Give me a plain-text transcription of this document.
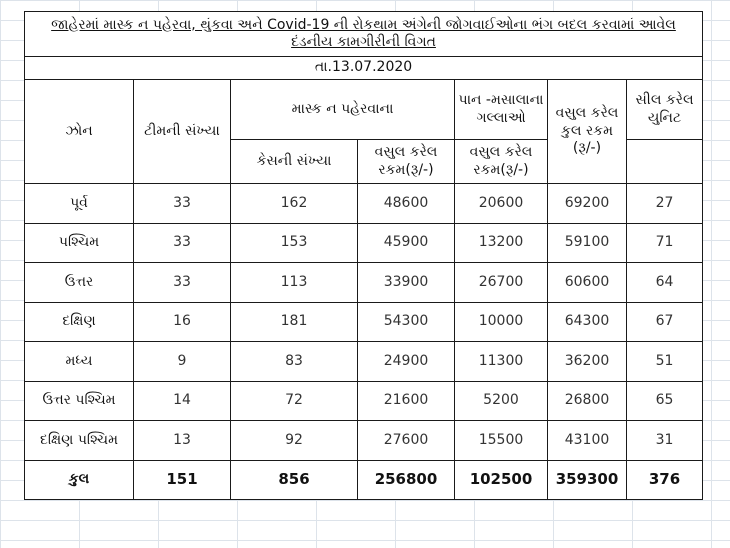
જાહેરમાં માસ્ક ન પહેરવા, થુંકવા અને Covid-19 ની રોકથામ અંગેની જોગવાઈઓના ભંગ બદલ કરવામાં આવેલ
દંડનીય કામગીરીની વિગત						

તા.13.07.2020						
ઝોન	ટીમની સંખ્યા	માસ્ક ન પહેરવાના		પાન -મસાલાના ગલ્લાઓ	વસુલ કરેલ કુલ રકમ (રૂ/-)	સીલ કરેલ યુનિટ
		કેસની સંખ્યા	વસુલ કરેલ રકમ(રૂ/-)	વસુલ કરેલ રકમ(રૂ/-)		
પૂર્વ	33	162	48600	20600	69200	27
પશ્ચિમ	33	153	45900	13200	59100	71
ઉત્તર	33	113	33900	26700	60600	64
દક્ષિણ	16	181	54300	10000	64300	67
મધ્ય	9	83	24900	11300	36200	51
ઉત્તર પશ્ચિમ	14	72	21600	5200	26800	65
દક્ષિણ પશ્ચિમ	13	92	27600	15500	43100	31
કુલ	151	856	256800	102500	359300	376
